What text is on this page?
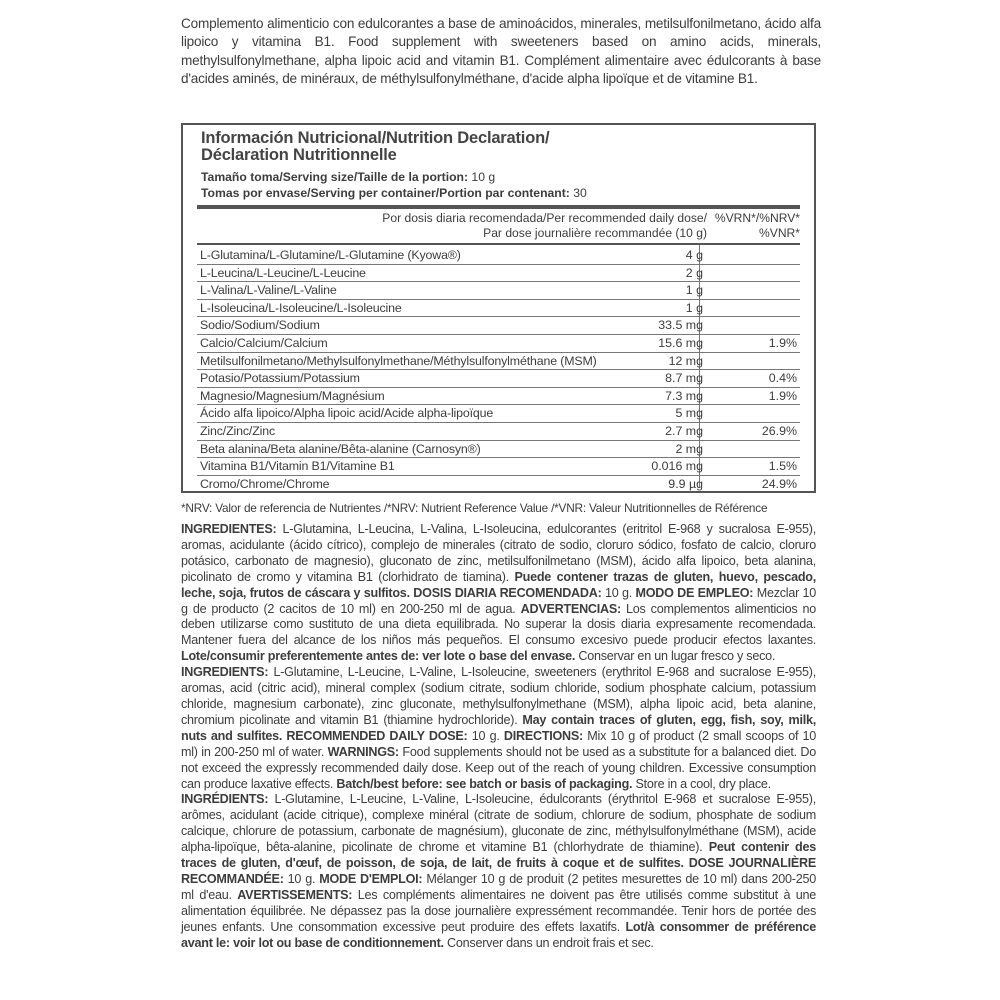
Complemento alimenticio con edulcorantes a base de aminoácidos, minerales, metilsulfonilmetano, ácido alfa lipoico y vitamina B1. Food supplement with sweeteners based on amino acids, minerals, methylsulfonylmethane, alpha lipoic acid and vitamin B1. Complément alimentaire avec édulcorants à base d'acides aminés, de minéraux, de méthylsulfonylméthane, d'acide alpha lipoïque et de vitamine B1.
Información Nutricional/Nutrition Declaration/
Déclaration Nutritionnelle
Tamaño toma/Serving size/Taille de la portion: 10 g
Tomas por envase/Serving per container/Portion par contenant: 30
Por dosis diaria recomendada/Per recommended daily dose/
Par dose journalière recommandée (10 g)
%VRN*/%NRV*
%VNR*
L-Glutamina/L-Glutamine/L-Glutamine (Kyowa®)	4 g
L-Leucina/L-Leucine/L-Leucine	2 g
L-Valina/L-Valine/L-Valine	1 g
L-Isoleucina/L-Isoleucine/L-Isoleucine	1 g
Sodio/Sodium/Sodium	33.5 mg
Calcio/Calcium/Calcium	15.6 mg	1.9%
Metilsulfonilmetano/Methylsulfonylmethane/Méthylsulfonylméthane (MSM)	12 mg
Potasio/Potassium/Potassium	8.7 mg	0.4%
Magnesio/Magnesium/Magnésium	7.3 mg	1.9%
Ácido alfa lipoico/Alpha lipoic acid/Acide alpha-lipoïque	5 mg
Zinc/Zinc/Zinc	2.7 mg	26.9%
Beta alanina/Beta alanine/Bêta-alanine (Carnosyn®)	2 mg
Vitamina B1/Vitamin B1/Vitamine B1	0.016 mg	1.5%
Cromo/Chrome/Chrome	9.9 µg	24.9%
*NRV: Valor de referencia de Nutrientes /*NRV: Nutrient Reference Value /*VNR: Valeur Nutritionnelles de Référence

INGREDIENTES: L-Glutamina, L-Leucina, L-Valina, L-Isoleucina, edulcorantes (eritritol E-968 y sucralosa E-955), aromas, acidulante (ácido cítrico), complejo de minerales (citrato de sodio, cloruro sódico, fosfato de calcio, cloruro potásico, carbonato de magnesio), gluconato de zinc, metilsulfonilmetano (MSM), ácido alfa lipoico, beta alanina, picolinato de cromo y vitamina B1 (clorhidrato de tiamina). Puede contener trazas de gluten, huevo, pescado, leche, soja, frutos de cáscara y sulfitos. DOSIS DIARIA RECOMENDADA: 10 g. MODO DE EMPLEO: Mezclar 10 g de producto (2 cacitos de 10 ml) en 200-250 ml de agua. ADVERTENCIAS: Los complementos alimenticios no deben utilizarse como sustituto de una dieta equilibrada. No superar la dosis diaria expresamente recomendada. Mantener fuera del alcance de los niños más pequeños. El consumo excesivo puede producir efectos laxantes. Lote/consumir preferentemente antes de: ver lote o base del envase. Conservar en un lugar fresco y seco.

INGREDIENTS: L-Glutamine, L-Leucine, L-Valine, L-Isoleucine, sweeteners (erythritol E-968 and sucralose E-955), aromas, acid (citric acid), mineral complex (sodium citrate, sodium chloride, sodium phosphate calcium, potassium chloride, magnesium carbonate), zinc gluconate, methylsulfonylmethane (MSM), alpha lipoic acid, beta alanine, chromium picolinate and vitamin B1 (thiamine hydrochloride). May contain traces of gluten, egg, fish, soy, milk, nuts and sulfites. RECOMMENDED DAILY DOSE: 10 g. DIRECTIONS: Mix 10 g of product (2 small scoops of 10 ml) in 200-250 ml of water. WARNINGS: Food supplements should not be used as a substitute for a balanced diet. Do not exceed the expressly recommended daily dose. Keep out of the reach of young children. Excessive consumption can produce laxative effects. Batch/best before: see batch or basis of packaging. Store in a cool, dry place.

INGRÉDIENTS: L-Glutamine, L-Leucine, L-Valine, L-Isoleucine, édulcorants (érythritol E-968 et sucralose E-955), arômes, acidulant (acide citrique), complexe minéral (citrate de sodium, chlorure de sodium, phosphate de sodium calcique, chlorure de potassium, carbonate de magnésium), gluconate de zinc, méthylsulfonylméthane (MSM), acide alpha-lipoïque, bêta-alanine, picolinate de chrome et vitamine B1 (chlorhydrate de thiamine). Peut contenir des traces de gluten, d'œuf, de poisson, de soja, de lait, de fruits à coque et de sulfites. DOSE JOURNALIÈRE RECOMMANDÉE: 10 g. MODE D'EMPLOI: Mélanger 10 g de produit (2 petites mesurettes de 10 ml) dans 200-250 ml d'eau. AVERTISSEMENTS: Les compléments alimentaires ne doivent pas être utilisés comme substitut à une alimentation équilibrée. Ne dépassez pas la dose journalière expressément recommandée. Tenir hors de portée des jeunes enfants. Une consommation excessive peut produire des effets laxatifs. Lot/à consommer de préférence avant le: voir lot ou base de conditionnement. Conserver dans un endroit frais et sec.
